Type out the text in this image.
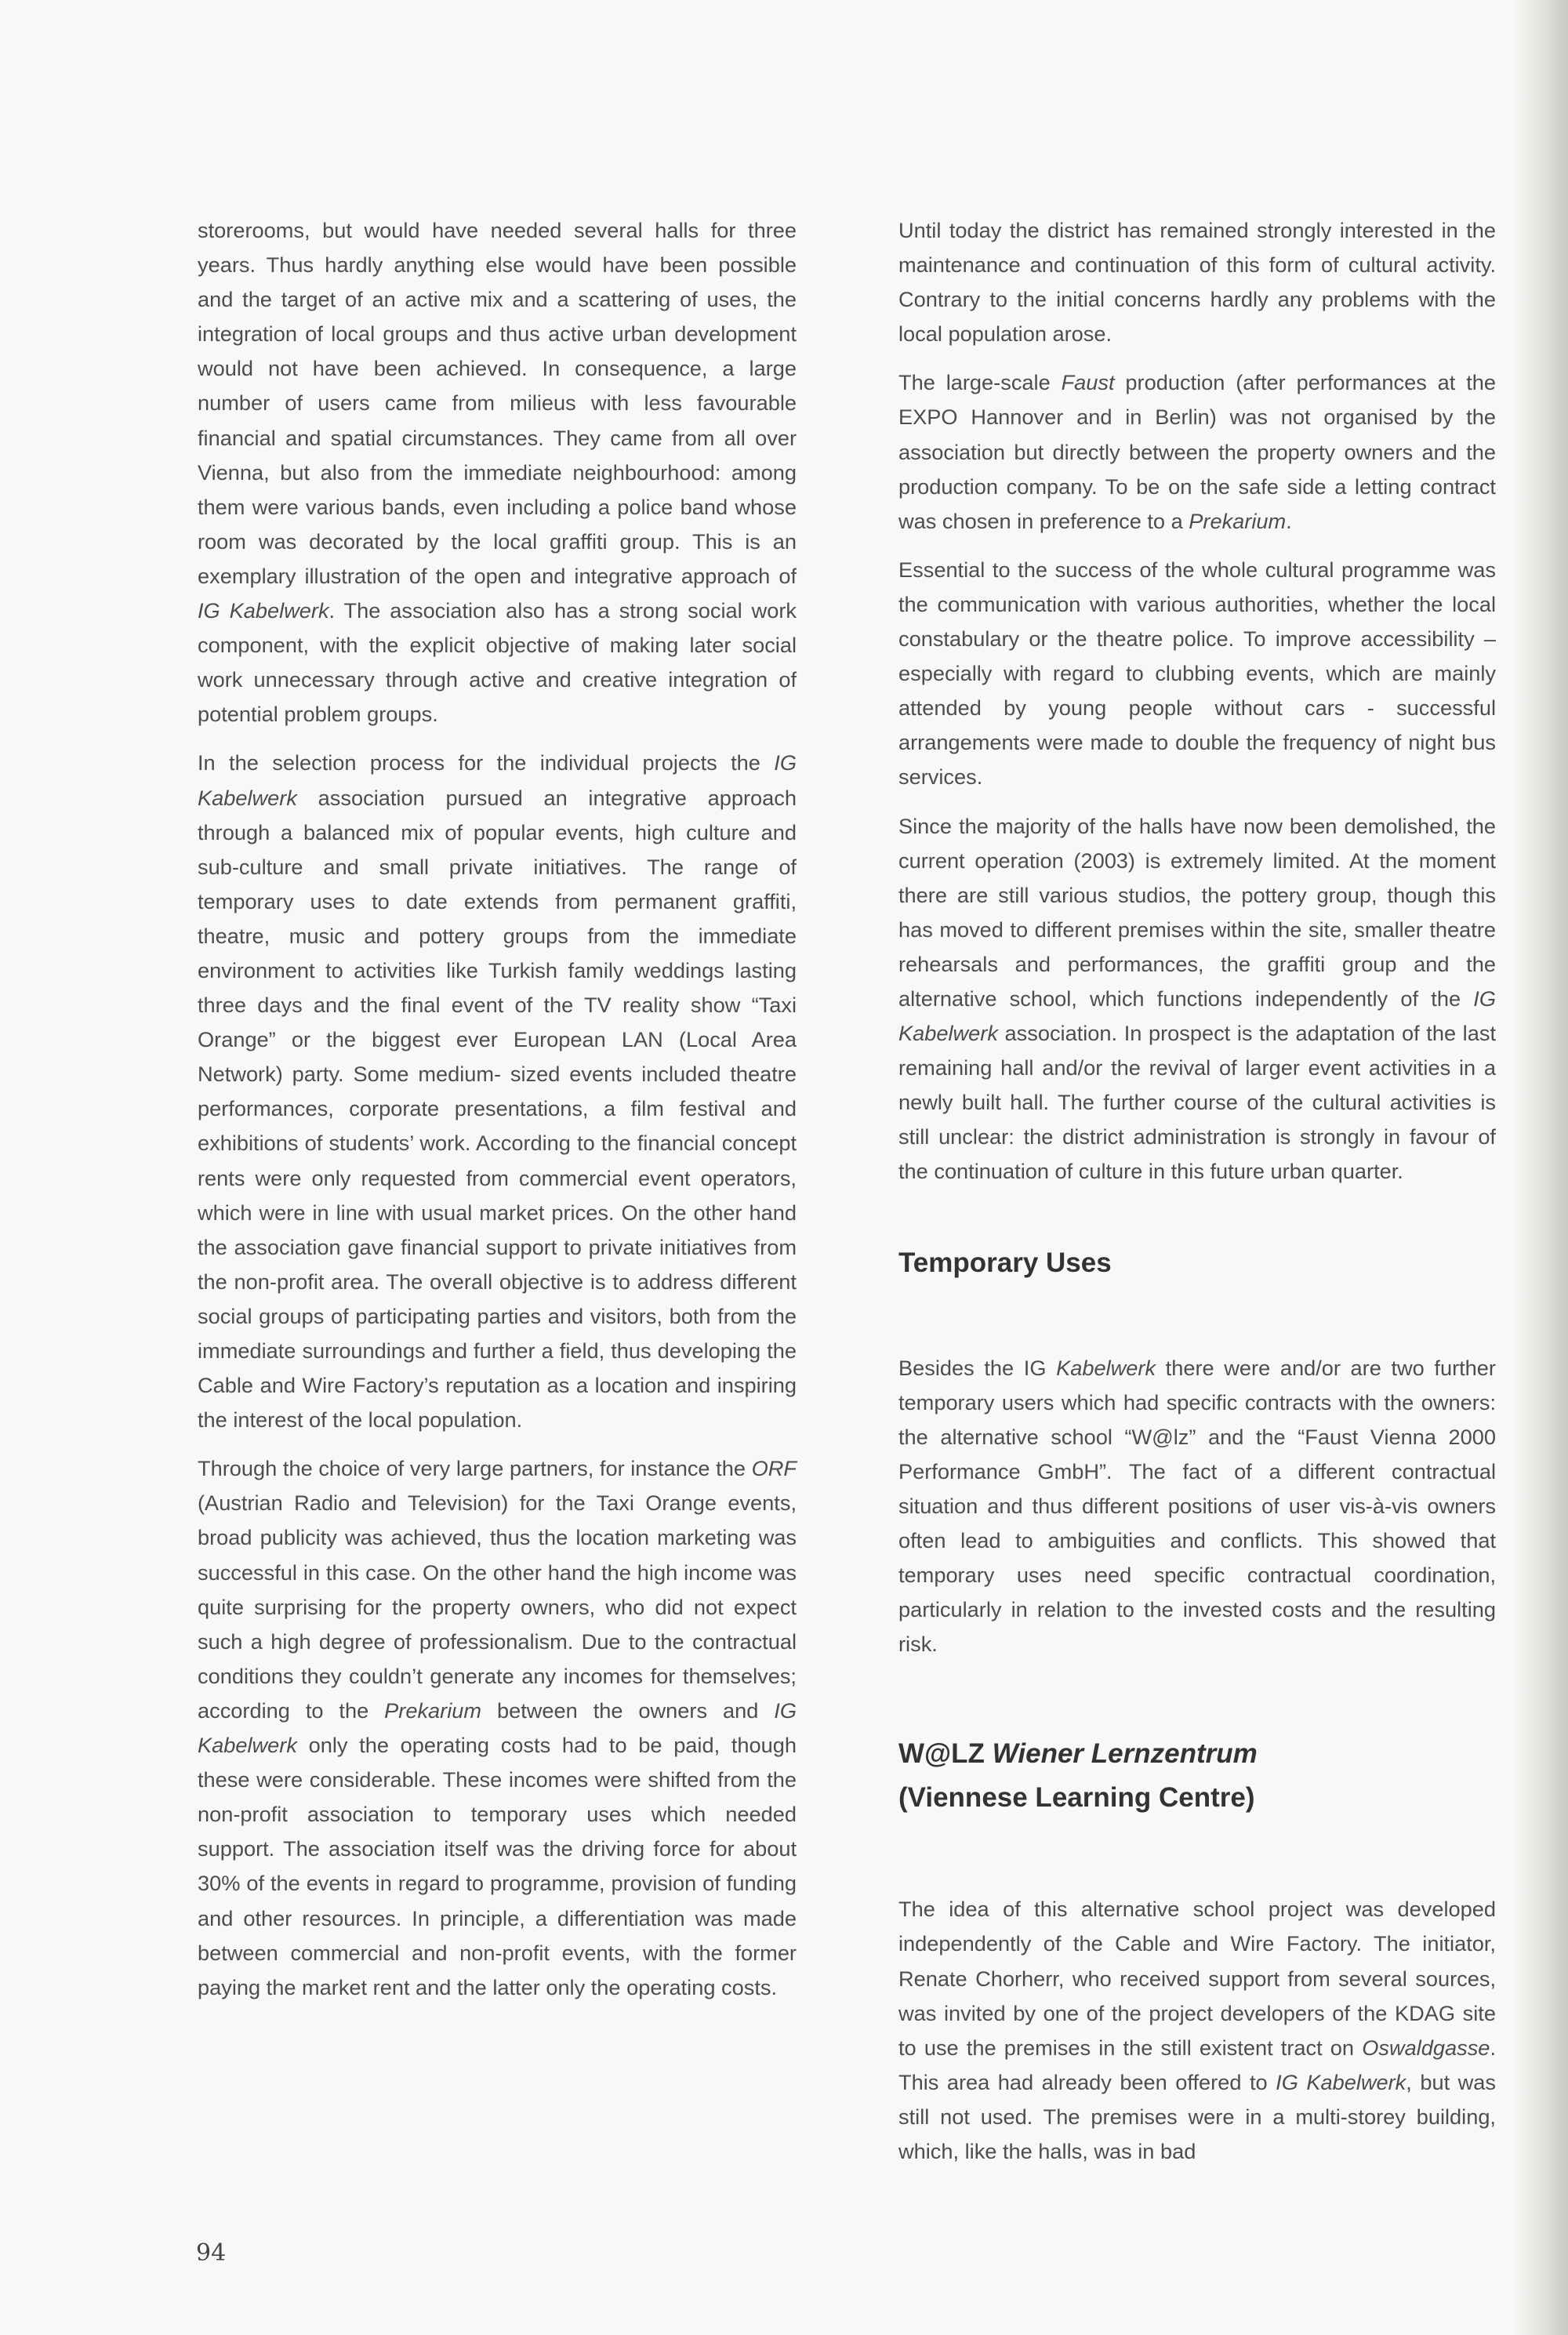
storerooms, but would have needed several halls for three years. Thus hardly anything else would have been possible and the target of an active mix and a scattering of uses, the integration of local groups and thus active urban development would not have been achieved. In consequence, a large number of users came from milieus with less favourable financial and spatial circumstances. They came from all over Vienna, but also from the immediate neighbourhood: among them were various bands, even including a police band whose room was decorated by the local graffiti group. This is an exemplary illustration of the open and integrative approach of IG Kabelwerk. The association also has a strong social work component, with the explicit objective of making later social work unnecessary through active and creative integration of potential problem groups.

In the selection process for the individual projects the IG Kabelwerk association pursued an integrative approach through a balanced mix of popular events, high culture and sub-culture and small private initiatives. The range of temporary uses to date extends from permanent graffiti, theatre, music and pottery groups from the immediate environment to activities like Turkish family weddings lasting three days and the final event of the TV reality show “Taxi Orange” or the biggest ever European LAN (Local Area Network) party. Some medium- sized events included theatre performances, corporate presentations, a film festival and exhibitions of students’ work. According to the financial concept rents were only requested from commercial event operators, which were in line with usual market prices. On the other hand the association gave financial support to private initiatives from the non-profit area. The overall objective is to address different social groups of participating parties and visitors, both from the immediate surroundings and further a field, thus developing the Cable and Wire Factory’s reputation as a location and inspiring the interest of the local population.

Through the choice of very large partners, for instance the ORF (Austrian Radio and Television) for the Taxi Orange events, broad publicity was achieved, thus the location marketing was successful in this case. On the other hand the high income was quite surprising for the property owners, who did not expect such a high degree of professionalism. Due to the contractual conditions they couldn’t generate any incomes for themselves; according to the Prekarium between the owners and IG Kabelwerk only the operating costs had to be paid, though these were considerable. These incomes were shifted from the non-profit association to temporary uses which needed support. The association itself was the driving force for about 30% of the events in regard to programme, provision of funding and other resources. In principle, a differentiation was made between commercial and non-profit events, with the former paying the market rent and the latter only the operating costs.

Until today the district has remained strongly interested in the maintenance and continuation of this form of cultural activity. Contrary to the initial concerns hardly any problems with the local population arose.

The large-scale Faust production (after performances at the EXPO Hannover and in Berlin) was not organised by the association but directly between the property owners and the production company. To be on the safe side a letting contract was chosen in preference to a Prekarium.

Essential to the success of the whole cultural programme was the communication with various authorities, whether the local constabulary or the theatre police. To improve accessibility – especially with regard to clubbing events, which are mainly attended by young people without cars - successful arrangements were made to double the frequency of night bus services.

Since the majority of the halls have now been demolished, the current operation (2003) is extremely limited. At the moment there are still various studios, the pottery group, though this has moved to different premises within the site, smaller theatre rehearsals and performances, the graffiti group and the alternative school, which functions independently of the IG Kabelwerk association. In prospect is the adaptation of the last remaining hall and/or the revival of larger event activities in a newly built hall. The further course of the cultural activities is still unclear: the district administration is strongly in favour of the continuation of culture in this future urban quarter.

Temporary Uses

Besides the IG Kabelwerk there were and/or are two further temporary users which had specific contracts with the owners: the alternative school “W@lz” and the “Faust Vienna 2000 Performance GmbH”. The fact of a different contractual situation and thus different positions of user vis-à-vis owners often lead to ambiguities and conflicts. This showed that temporary uses need specific contractual coordination, particularly in relation to the invested costs and the resulting risk.

W@LZ Wiener Lernzentrum
(Viennese Learning Centre)

The idea of this alternative school project was developed independently of the Cable and Wire Factory. The initiator, Renate Chorherr, who received support from several sources, was invited by one of the project developers of the KDAG site to use the premises in the still existent tract on Oswaldgasse. This area had already been offered to IG Kabelwerk, but was still not used. The premises were in a multi-storey building, which, like the halls, was in bad

94
